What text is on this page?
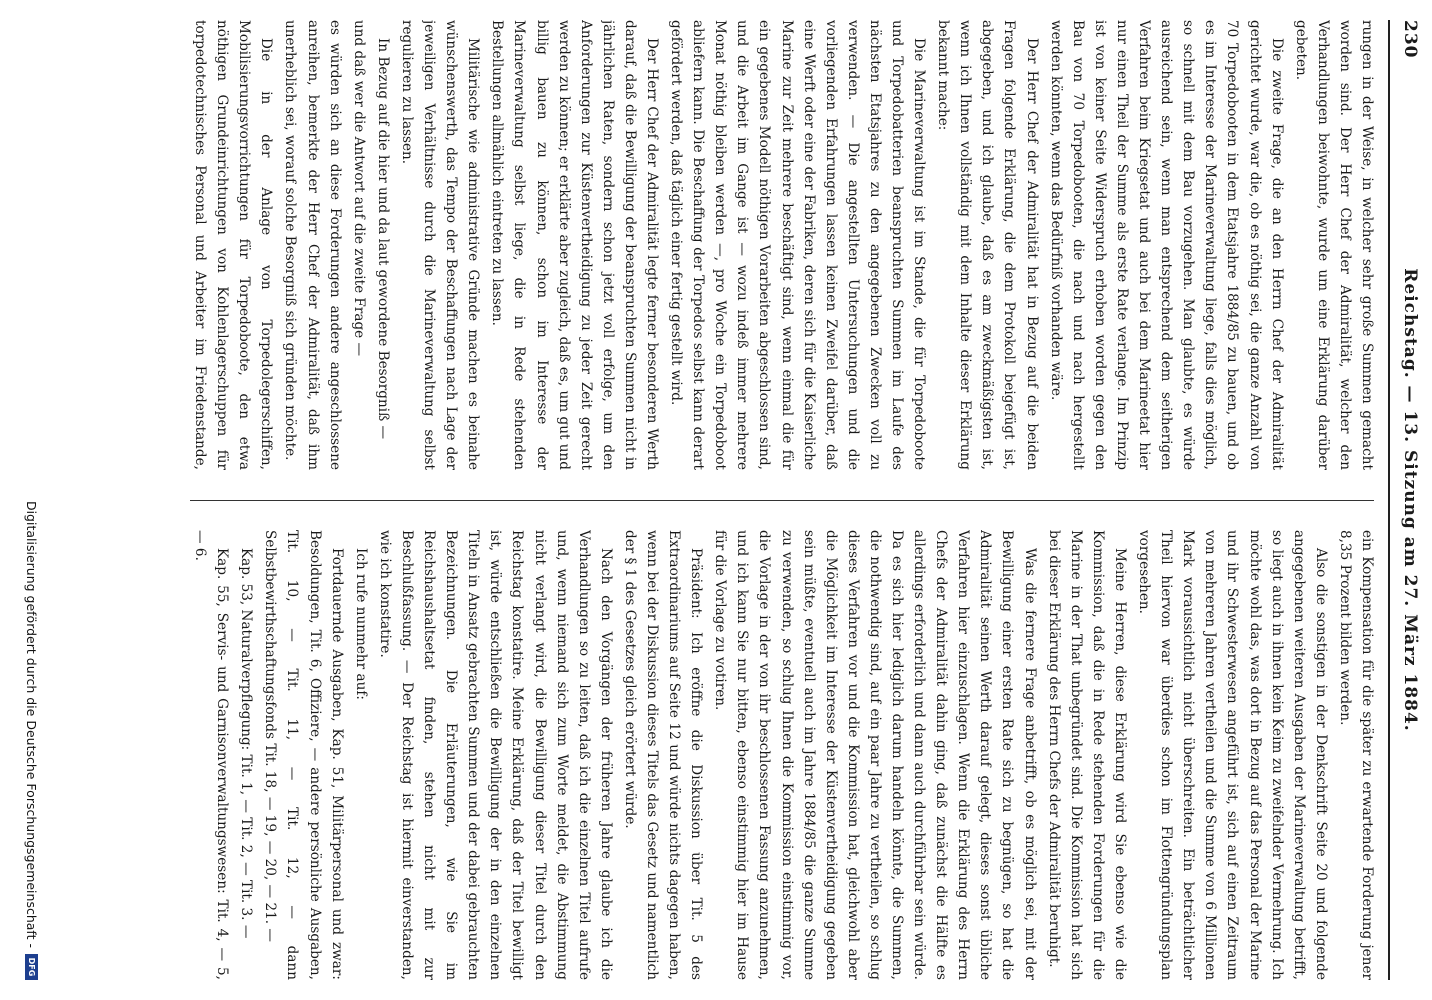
230
Reichstag. — 13. Sitzung am 27. März 1884.

rungen in der Weise, in welcher sehr große Summen gemacht worden sind. Der Herr Chef der Admiralität, welcher den Verhandlungen beiwohnte, wurde um eine Erklärung darüber gebeten.

Die zweite Frage, die an den Herrn Chef der Admiralität gerichtet wurde, war die, ob es nöthig sei, die ganze Anzahl von 70 Torpedobooten in dem Etatsjahre 1884/85 zu bauen, und ob es im Interesse der Marineverwaltung liege, falls dies möglich, so schnell mit dem Bau vorzugehen. Man glaubte, es würde ausreichend sein, wenn man entsprechend dem seitherigen Verfahren beim Kriegsetat und auch bei dem Marineetat hier nur einen Theil der Summe als erste Rate verlange. Im Prinzip ist von keiner Seite Widerspruch erhoben worden gegen den Bau von 70 Torpedobooten, die nach und nach hergestellt werden könnten, wenn das Bedürfniß vorhanden wäre.

Der Herr Chef der Admiralität hat in Bezug auf die beiden Fragen folgende Erklärung, die dem Protokoll beigefügt ist, abgegeben, und ich glaube, daß es am zweckmäßigsten ist, wenn ich Ihnen vollständig mit dem Inhalte dieser Erklärung bekannt mache:

Die Marineverwaltung ist im Stande, die für Torpedoboote und Torpedobatterien beanspruchten Summen im Laufe des nächsten Etatsjahres zu den angegebenen Zwecken voll zu verwenden. — Die angestellten Untersuchungen und die vorliegenden Erfahrungen lassen keinen Zweifel darüber, daß eine Werft oder eine der Fabriken, deren sich für die Kaiserliche Marine zur Zeit mehrere beschäftigt sind, wenn einmal die für ein gegebenes Modell nöthigen Vorarbeiten abgeschlossen sind, und die Arbeit im Gange ist — wozu indeß immer mehrere Monat nöthig bleiben werden —, pro Woche ein Torpedoboot abliefern kann. Die Beschaffung der Torpedos selbst kann derart gefördert werden, daß täglich einer fertig gestellt wird.

Der Herr Chef der Admiralität legte ferner besonderen Werth darauf, daß die Bewilligung der beanspruchten Summen nicht in jährlichen Raten, sondern schon jetzt voll erfolge, um den Anforderungen zur Küstenvertheidigung zu jeder Zeit gerecht werden zu können; er erklärte aber zugleich, daß es, um gut und billig bauen zu können, schon im Interesse der Marineverwaltung selbst liege, die in Rede stehenden Bestellungen allmählich eintreten zu lassen.

Militärische wie administrative Gründe machen es beinahe wünschenswerth, das Tempo der Beschaffungen nach Lage der jeweiligen Verhältnisse durch die Marineverwaltung selbst regulieren zu lassen.

In Bezug auf die hier und da laut gewordene Besorgniß —

und daß wer die Antwort auf die zweite Frage —

es würden sich an diese Forderungen andere angeschlossene anreihen, bemerkte der Herr Chef der Admiralität, daß ihm unerheblich sei, worauf solche Besorgniß sich gründen möchte.

Die in der Anlage von Torpedolegerschiffen, Mobilisierungsvorrichtungen für Torpedoboote, den etwa nöthigen Grundeinrichtungen von Kohlenlagerschuppen für torpedotechnisches Personal und Arbeiter im Friedenstande,

ein Kompensation für die später zu erwartende Forderung jener 8,35 Prozent bilden werden.

Also die sonstigen in der Denkschrift Seite 20 und folgende angegebenen weiteren Ausgaben der Marineverwaltung betrifft, so liegt auch in ihnen kein Keim zu zweifelnder Vermehrung. Ich möchte wohl das, was dort in Bezug auf das Personal der Marine und ihr Schwesterwesen angeführt ist, sich auf einen Zeitraum von mehreren Jahren vertheilen und die Summe von 6 Millionen Mark voraussichtlich nicht überschreiten. Ein beträchtlicher Theil hiervon war überdies schon im Flottengründungsplan vorgesehen.

Meine Herren, diese Erklärung wird Sie ebenso wie die Kommission, daß die in Rede stehenden Forderungen für die Marine in der That unbegründet sind. Die Kommission hat sich bei dieser Erklärung des Herrn Chefs der Admiralität beruhigt.

Was die fernere Frage anbetrifft, ob es möglich sei, mit der Bewilligung einer ersten Rate sich zu begnügen, so hat die Admiralität seinen Werth darauf gelegt, dieses sonst übliche Verfahren hier einzuschlagen. Wenn die Erklärung des Herrn Chefs der Admiralität dahin ging, daß zunächst die Hälfte es allerdings erforderlich und dann auch durchführbar sein würde. Da es sich hier lediglich darum handeln könnte, die Summen, die nothwendig sind, auf ein paar Jahre zu vertheilen, so schlug dieses Verfahren vor und die Kommission hat, gleichwohl aber die Möglichkeit im Interesse der Küstenvertheidigung gegeben sein müßte, eventuell auch im Jahre 1884/85 die ganze Summe zu verwenden, so schlug Ihnen die Kommission einstimmig vor, die Vorlage in der von ihr beschlossenen Fassung anzunehmen, und ich kann Sie nur bitten, ebenso einstimmig hier im Hause für die Vorlage zu votiren.

Präsident: Ich eröffne die Diskussion über Tit. 5 des Extraordinariums auf Seite 12 und würde nichts dagegen haben, wenn bei der Diskussion dieses Titels das Gesetz und namentlich der § 1 des Gesetzes gleich erörtert würde.

Nach den Vorgängen der früheren Jahre glaube ich die Verhandlungen so zu leiten, daß ich die einzelnen Titel aufrufe und, wenn niemand sich zum Worte meldet, die Abstimmung nicht verlangt wird, die Bewilligung dieser Titel durch den Reichstag konstatire. Meine Erklärung, daß der Titel bewilligt ist, würde entschließen die Bewilligung der in den einzelnen Titeln in Ansatz gebrachten Summen und der dabei gebrauchten Bezeichnungen. Die Erläuterungen, wie Sie im Reichshaushaltsetat finden, stehen nicht mit zur Beschlußfassung. — Der Reichstag ist hiermit einverstanden, wie ich konstatire.

Ich rufe nunmehr auf:

Fortdauernde Ausgaben, Kap. 51, Militärpersonal und zwar: Besoldungen, Tit. 6, Offiziere, — andere persönliche Ausgaben, Tit. 10, — Tit. 11, — Tit. 12, — dann Selbstbewirthschaftungsfonds Tit. 18, — 19, — 20, — 21. —

Kap. 53, Naturalverpflegung: Tit. 1, — Tit. 2, — Tit. 3. —

Kap. 55, Servis- und Garnisonverwaltungswesen: Tit. 4, — 5, — 6.

Digitalisierung gefördert durch die Deutsche Forschungsgemeinschaft -
DFG
